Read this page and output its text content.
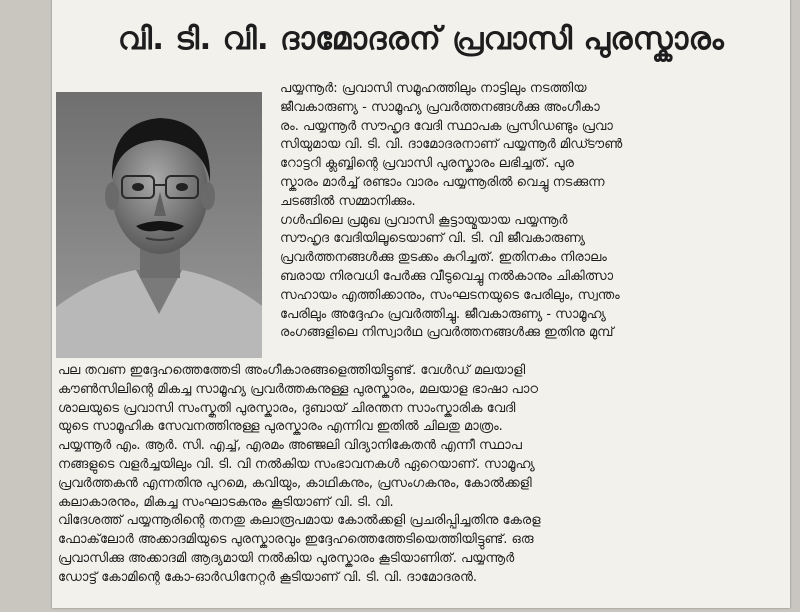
വി. ടി. വി. ദാമോദരന് പ്രവാസി പുരസ്കാരം
പയ്യന്നൂർ: പ്രവാസി സമൂഹത്തിലും നാട്ടിലും നടത്തിയ
ജീവകാരുണ്യ - സാമൂഹ്യ പ്രവർത്തനങ്ങൾക്കു അംഗീകാ
രം. പയ്യന്നൂർ സൗഹൃദ വേദി സ്ഥാപക പ്രസിഡണ്ടും പ്രവാ
സിയുമായ വി. ടി. വി. ദാമോദരനാണ് പയ്യന്നൂർ മിഡ്ടൗൺ
റോട്ടറി ക്ലബ്ബിന്റെ പ്രവാസി പുരസ്കാരം ലഭിച്ചത്. പുര
സ്കാരം മാർച്ച് രണ്ടാം വാരം പയ്യന്നൂരിൽ വെച്ചു നടക്കുന്ന
ചടങ്ങിൽ സമ്മാനിക്കും.
ഗൾഫിലെ പ്രമുഖ പ്രവാസി കൂട്ടായ്മയായ പയ്യന്നൂർ
സൗഹൃദ വേദിയിലൂടെയാണ് വി. ടി. വി ജീവകാരുണ്യ
പ്രവർത്തനങ്ങൾക്കു തുടക്കം കുറിച്ചത്. ഇതിനകം നിരാലം
ബരായ നിരവധി പേർക്കു വീടുവെച്ചു നൽകാനും ചികിത്സാ
സഹായം എത്തിക്കാനും, സംഘടനയുടെ പേരിലും, സ്വന്തം
പേരിലും അദ്ദേഹം പ്രവർത്തിച്ചു. ജീവകാരുണ്യ - സാമൂഹ്യ
രംഗങ്ങളിലെ നിസ്വാർഥ പ്രവർത്തനങ്ങൾക്കു ഇതിനു മുമ്പ്
പല തവണ ഇദ്ദേഹത്തെത്തേടി അംഗീകാരങ്ങളെത്തിയിട്ടുണ്ട്. വേൾഡ് മലയാളി
കൗൺസിലിന്റെ മികച്ച സാമൂഹ്യ പ്രവർത്തകനുള്ള പുരസ്കാരം, മലയാള ഭാഷാ പാഠ
ശാലയുടെ പ്രവാസി സംസ്കൃതി പുരസ്കാരം, ദുബായ് ചിരന്തന സാംസ്കാരിക വേദി
യുടെ സാമൂഹിക സേവനത്തിനുള്ള പുരസ്കാരം എന്നിവ ഇതിൽ ചിലതു മാത്രം.
പയ്യന്നൂർ എം. ആർ. സി. എച്ച്, എരമം അഞ്ജലി വിദ്യാനികേതൻ എന്നീ സ്ഥാപ
നങ്ങളുടെ വളർച്ചയിലും വി. ടി. വി നൽകിയ സംഭാവനകൾ ഏറെയാണ്. സാമൂഹ്യ
പ്രവർത്തകൻ എന്നതിനു പുറമെ, കവിയും, കാഥികനും, പ്രസംഗകനും, കോൽക്കളി
കലാകാരനും, മികച്ച സംഘാടകനും കൂടിയാണ് വി. ടി. വി.
വിദേശത്ത് പയ്യന്നൂരിന്റെ തനതു കലാരൂപമായ കോൽക്കളി പ്രചരിപ്പിച്ചതിനു കേരള
ഫോക്‌ലോർ അക്കാദമിയുടെ പുരസ്കാരവും ഇദ്ദേഹത്തെത്തേടിയെത്തിയിട്ടുണ്ട്. ഒരു
പ്രവാസിക്കു അക്കാദമി ആദ്യമായി നൽകിയ പുരസ്കാരം കൂടിയാണിത്. പയ്യന്നൂർ
ഡോട്ട് കോമിന്റെ കോ-ഓർഡിനേറ്റർ കൂടിയാണ് വി. ടി. വി. ദാമോദരൻ.
